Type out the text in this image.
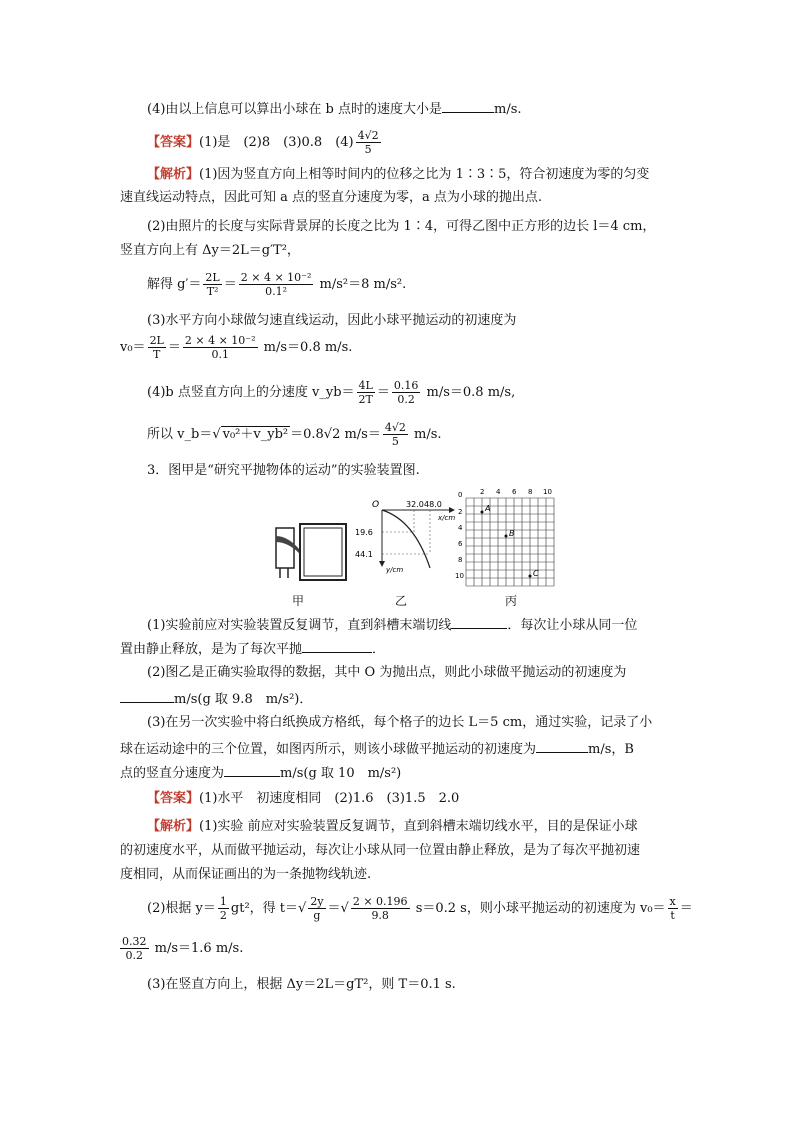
(4)由以上信息可以算出小球在 b 点时的速度大小是	m/s.
【答案】(1)是　(2)8　(3)0.8　$(4) \frac{4√2}{5}$
【解析】(1)因为竖直方向上相等时间内的位移之比为 1∶3∶5，符合初速度为零的匀变
速直线运动特点，因此可知 a 点的竖直分速度为零，a 点为小球的抛出点.
(2)由照片的长度与实际背景屏的长度之比为 1∶4，可得乙图中正方形的边长 l＝4 cm，
竖直方向上有 Δy＝2L＝g′T²，
解得 $g'= \frac{2L}{\text{T²}} = \frac{\text{2 × 4 × 10⁻²}}{\text{0.1²}} m/s^2=8$ m/s².
(3)水平方向小球做匀速直线运动，因此小球平抛运动的初速度为
$v_0= \frac{2L}{T} = \frac{\text{2 × 4 × 10⁻²}}{0.1} m/s=0.8$ m/s.
(4)b 点竖直方向上的分速度 v_yb＝ $\frac{4L}{2T} = \frac{0.16}{0.2} m/s=0.8$ m/s,
所以 v_b＝√ v₀²＋v_yb² ＝0.8√2 $m/s= \frac{4√2}{5} m/s$.
3．图甲是“研究平抛物体的运动”的实验装置图.
甲
O	32.0 48.0
x/cm
19.6
44.1
y/cm
乙
0	2 4 6 8 10
2
4
6
8
10
A
B
C
丙
(1)实验前应对实验装置反复调节，直到斜槽末端切线	．每次让小球从同一位
置由静止释放，是为了每次平抛	．
(2)图乙是正确实验取得的数据，其中 O 为抛出点，则此小球做平抛运动的初速度为
m/s(g 取 9.8　m/s²)．
(3)在另一次实验中将白纸换成方格纸，每个格子的边长 L＝5 cm，通过实验，记录了小
球在运动途中的三个位置，如图丙所示，则该小球做平抛运动的初速度为	m/s，B
点的竖直分速度为	m/s(g 取 10　m/s²)
【答案】(1)水平　初速度相同　(2)1.6　(3)1.5　2.0
【解析】(1)实验 前应对实验装置反复调节，直到斜槽末端切线水平，目的是保证小球
的初速度水平，从而做平抛运动，每次让小球从同一位置由静止释放，是为了每次平抛初速
度相同，从而保证画出的为一条抛物线轨迹.
(2)根据 $y= \frac{1}{2} gt^2$，得 $t=√ \frac{2y}{g}$ ＝√ $\frac{2 \times 0.196}{9.8} s=0.2$ s，则小球平抛运动的初速度为 $v_0= \frac{x}{t}$ ＝
$\frac{0.32}{0.2} m/s=1.6$ m/s.
(3)在竖直方向上，根据 Δy＝2L＝gT²，则 T＝0.1 s.
